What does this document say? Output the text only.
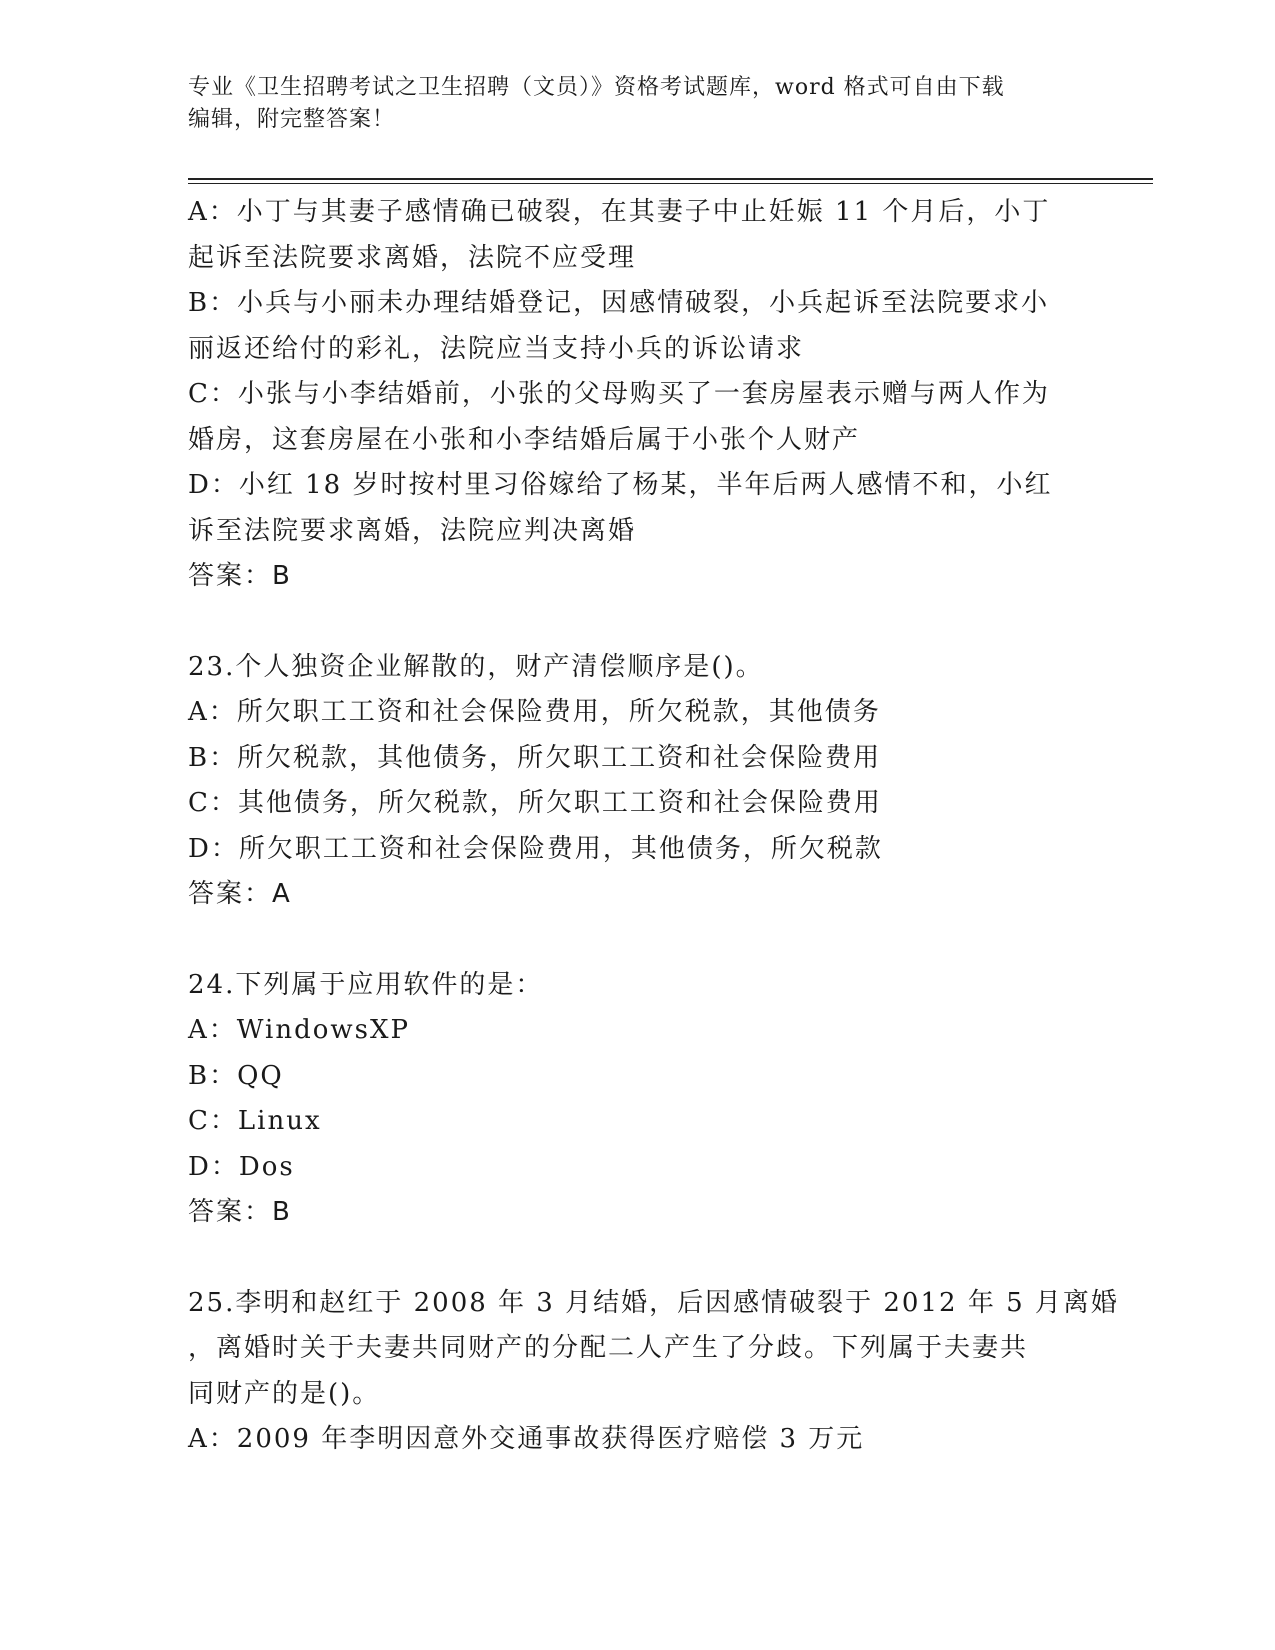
专业《卫生招聘考试之卫生招聘（文员）》资格考试题库，word 格式可自由下载
编辑，附完整答案！
A：小丁与其妻子感情确已破裂，在其妻子中止妊娠 11 个月后，小丁
起诉至法院要求离婚，法院不应受理
B：小兵与小丽未办理结婚登记，因感情破裂，小兵起诉至法院要求小
丽返还给付的彩礼，法院应当支持小兵的诉讼请求
C：小张与小李结婚前，小张的父母购买了一套房屋表示赠与两人作为
婚房，这套房屋在小张和小李结婚后属于小张个人财产
D：小红 18 岁时按村里习俗嫁给了杨某，半年后两人感情不和，小红
诉至法院要求离婚，法院应判决离婚
答案：B
23.个人独资企业解散的，财产清偿顺序是()。
A：所欠职工工资和社会保险费用，所欠税款，其他债务
B：所欠税款，其他债务，所欠职工工资和社会保险费用
C：其他债务，所欠税款，所欠职工工资和社会保险费用
D：所欠职工工资和社会保险费用，其他债务，所欠税款
答案：A
24.下列属于应用软件的是：
A：WindowsXP
B：QQ
C：Linux
D：Dos
答案：B
25.李明和赵红于 2008 年 3 月结婚，后因感情破裂于 2012 年 5 月离婚
，离婚时关于夫妻共同财产的分配二人产生了分歧。下列属于夫妻共
同财产的是()。
A：2009 年李明因意外交通事故获得医疗赔偿 3 万元
